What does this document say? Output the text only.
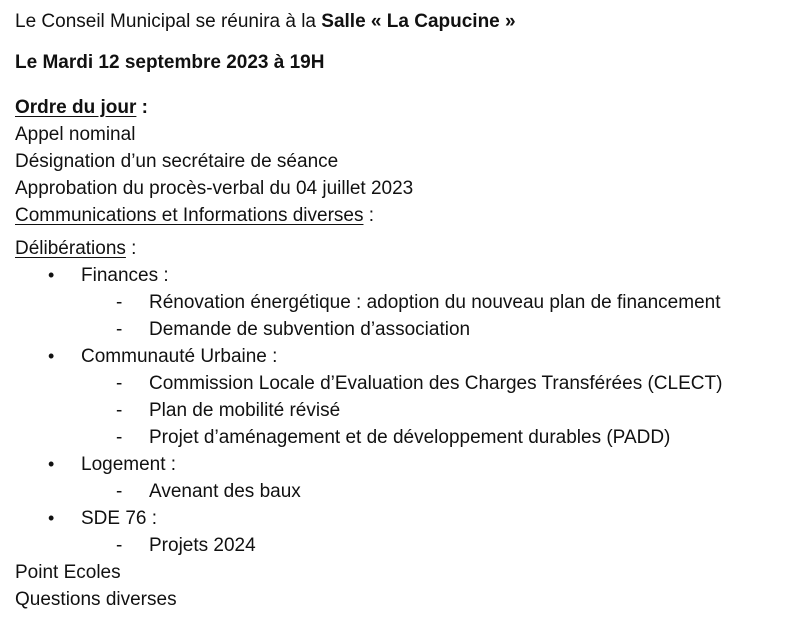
Le Conseil Municipal se réunira à la Salle « La Capucine »
Le Mardi 12 septembre 2023 à 19H
Ordre du jour :
Appel nominal
Désignation d’un secrétaire de séance
Approbation du procès-verbal du 04 juillet 2023
Communications et Informations diverses :
Délibérations :
• Finances :
- Rénovation énergétique : adoption du nouveau plan de financement
- Demande de subvention d’association
• Communauté Urbaine :
- Commission Locale d’Evaluation des Charges Transférées (CLECT)
- Plan de mobilité révisé
- Projet d’aménagement et de développement durables (PADD)
• Logement :
- Avenant des baux
• SDE 76 :
- Projets 2024
Point Ecoles
Questions diverses
